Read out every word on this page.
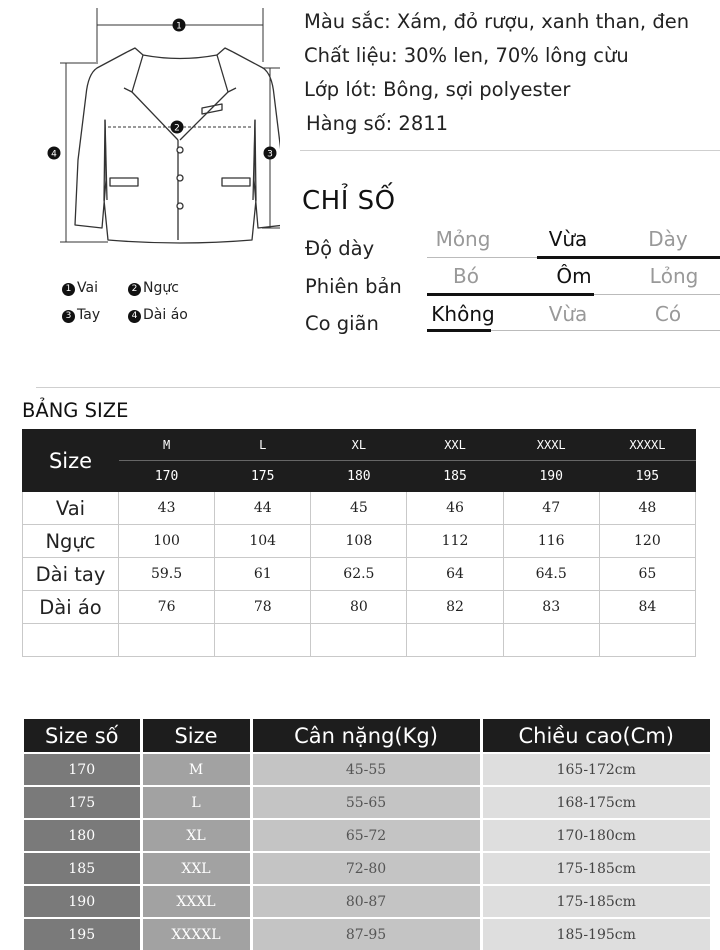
1
2
3
4
1 Vai	2 Ngực
3 Tay	4 Dài áo
Màu sắc: Xám, đỏ rượu, xanh than, đen
Chất liệu: 30% len, 70% lông cừu
Lớp lót: Bông, sợi polyester
Hàng số: 2811
CHỈ SỐ
Độ dày	Mỏng	Vừa	Dày
Phiên bản	Bó	Ôm	Lỏng
Co giãn	Không	Vừa	Có
BẢNG SIZE
Size	M	L	XL	XXL	XXXL	XXXXL
	170	175	180	185	190	195
Vai	43	44	45	46	47	48
Ngực	100	104	108	112	116	120
Dài tay	59.5	61	62.5	64	64.5	65
Dài áo	76	78	80	82	83	84

Size số	Size	Cân nặng(Kg)	Chiều cao(Cm)
170	M	45-55	165-172cm
175	L	55-65	168-175cm
180	XL	65-72	170-180cm
185	XXL	72-80	175-185cm
190	XXXL	80-87	175-185cm
195	XXXXL	87-95	185-195cm
